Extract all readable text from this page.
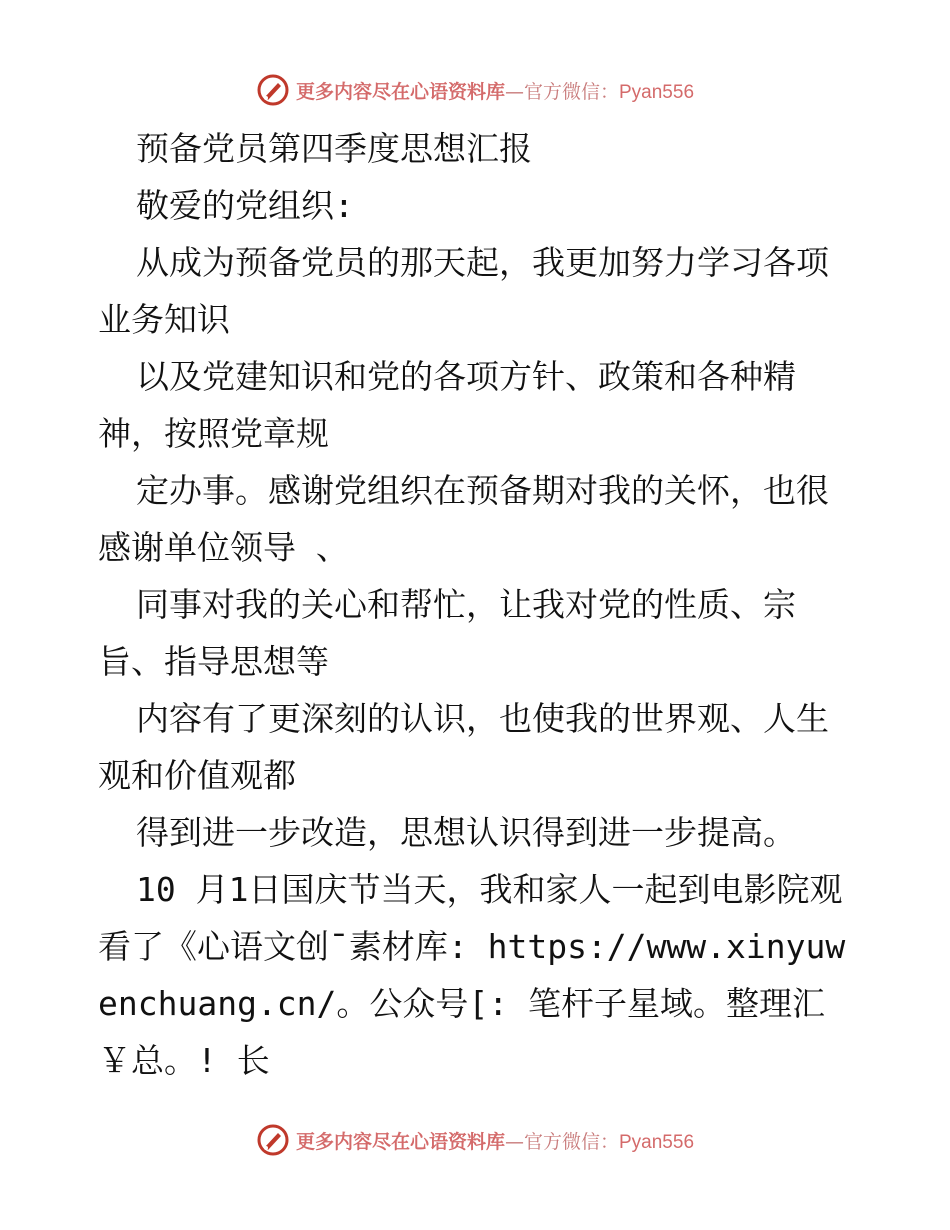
更多内容尽在心语资料库—官方微信：Pyan556

预备党员第四季度思想汇报

敬爱的党组织:

从成为预备党员的那天起，我更加努力学习各项业务知识

以及党建知识和党的各项方针、政策和各种精神，按照党章规

定办事。感谢党组织在预备期对我的关怀，也很感谢单位领导 、

同事对我的关心和帮忙，让我对党的性质、宗旨、指导思想等

内容有了更深刻的认识，也使我的世界观、人生观和价值观都

得到进一步改造，思想认识得到进一步提高。

10 月1日国庆节当天，我和家人一起到电影院观看了《心语文创¯素材库: https://www.xinyuwenchuang.cn/。公众号[: 笔杆子星域。整理汇￥总。! 长

更多内容尽在心语资料库—官方微信：Pyan556
